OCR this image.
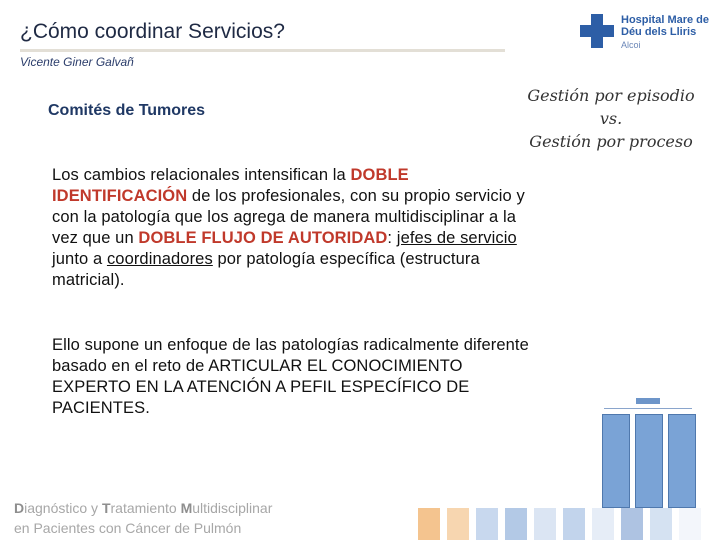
¿Cómo coordinar Servicios?
Vicente Giner Galvañ
Hospital Mare de Déu dels Lliris
Alcoi
Comités de Tumores
Gestión por episodio
vs.
Gestión por proceso
Los cambios relacionales intensifican la DOBLE IDENTIFICACIÓN de los profesionales, con su propio servicio y con la patología que los agrega de manera multidisciplinar a la vez que un DOBLE FLUJO DE AUTORIDAD: jefes de servicio junto a coordinadores por patología específica (estructura matricial).
Ello supone un enfoque de las patologías radicalmente diferente basado en el reto de ARTICULAR EL CONOCIMIENTO EXPERTO EN LA ATENCIÓN A PEFIL ESPECÍFICO DE PACIENTES.
Diagnóstico y Tratamiento Multidisciplinar
en Pacientes con Cáncer de Pulmón
